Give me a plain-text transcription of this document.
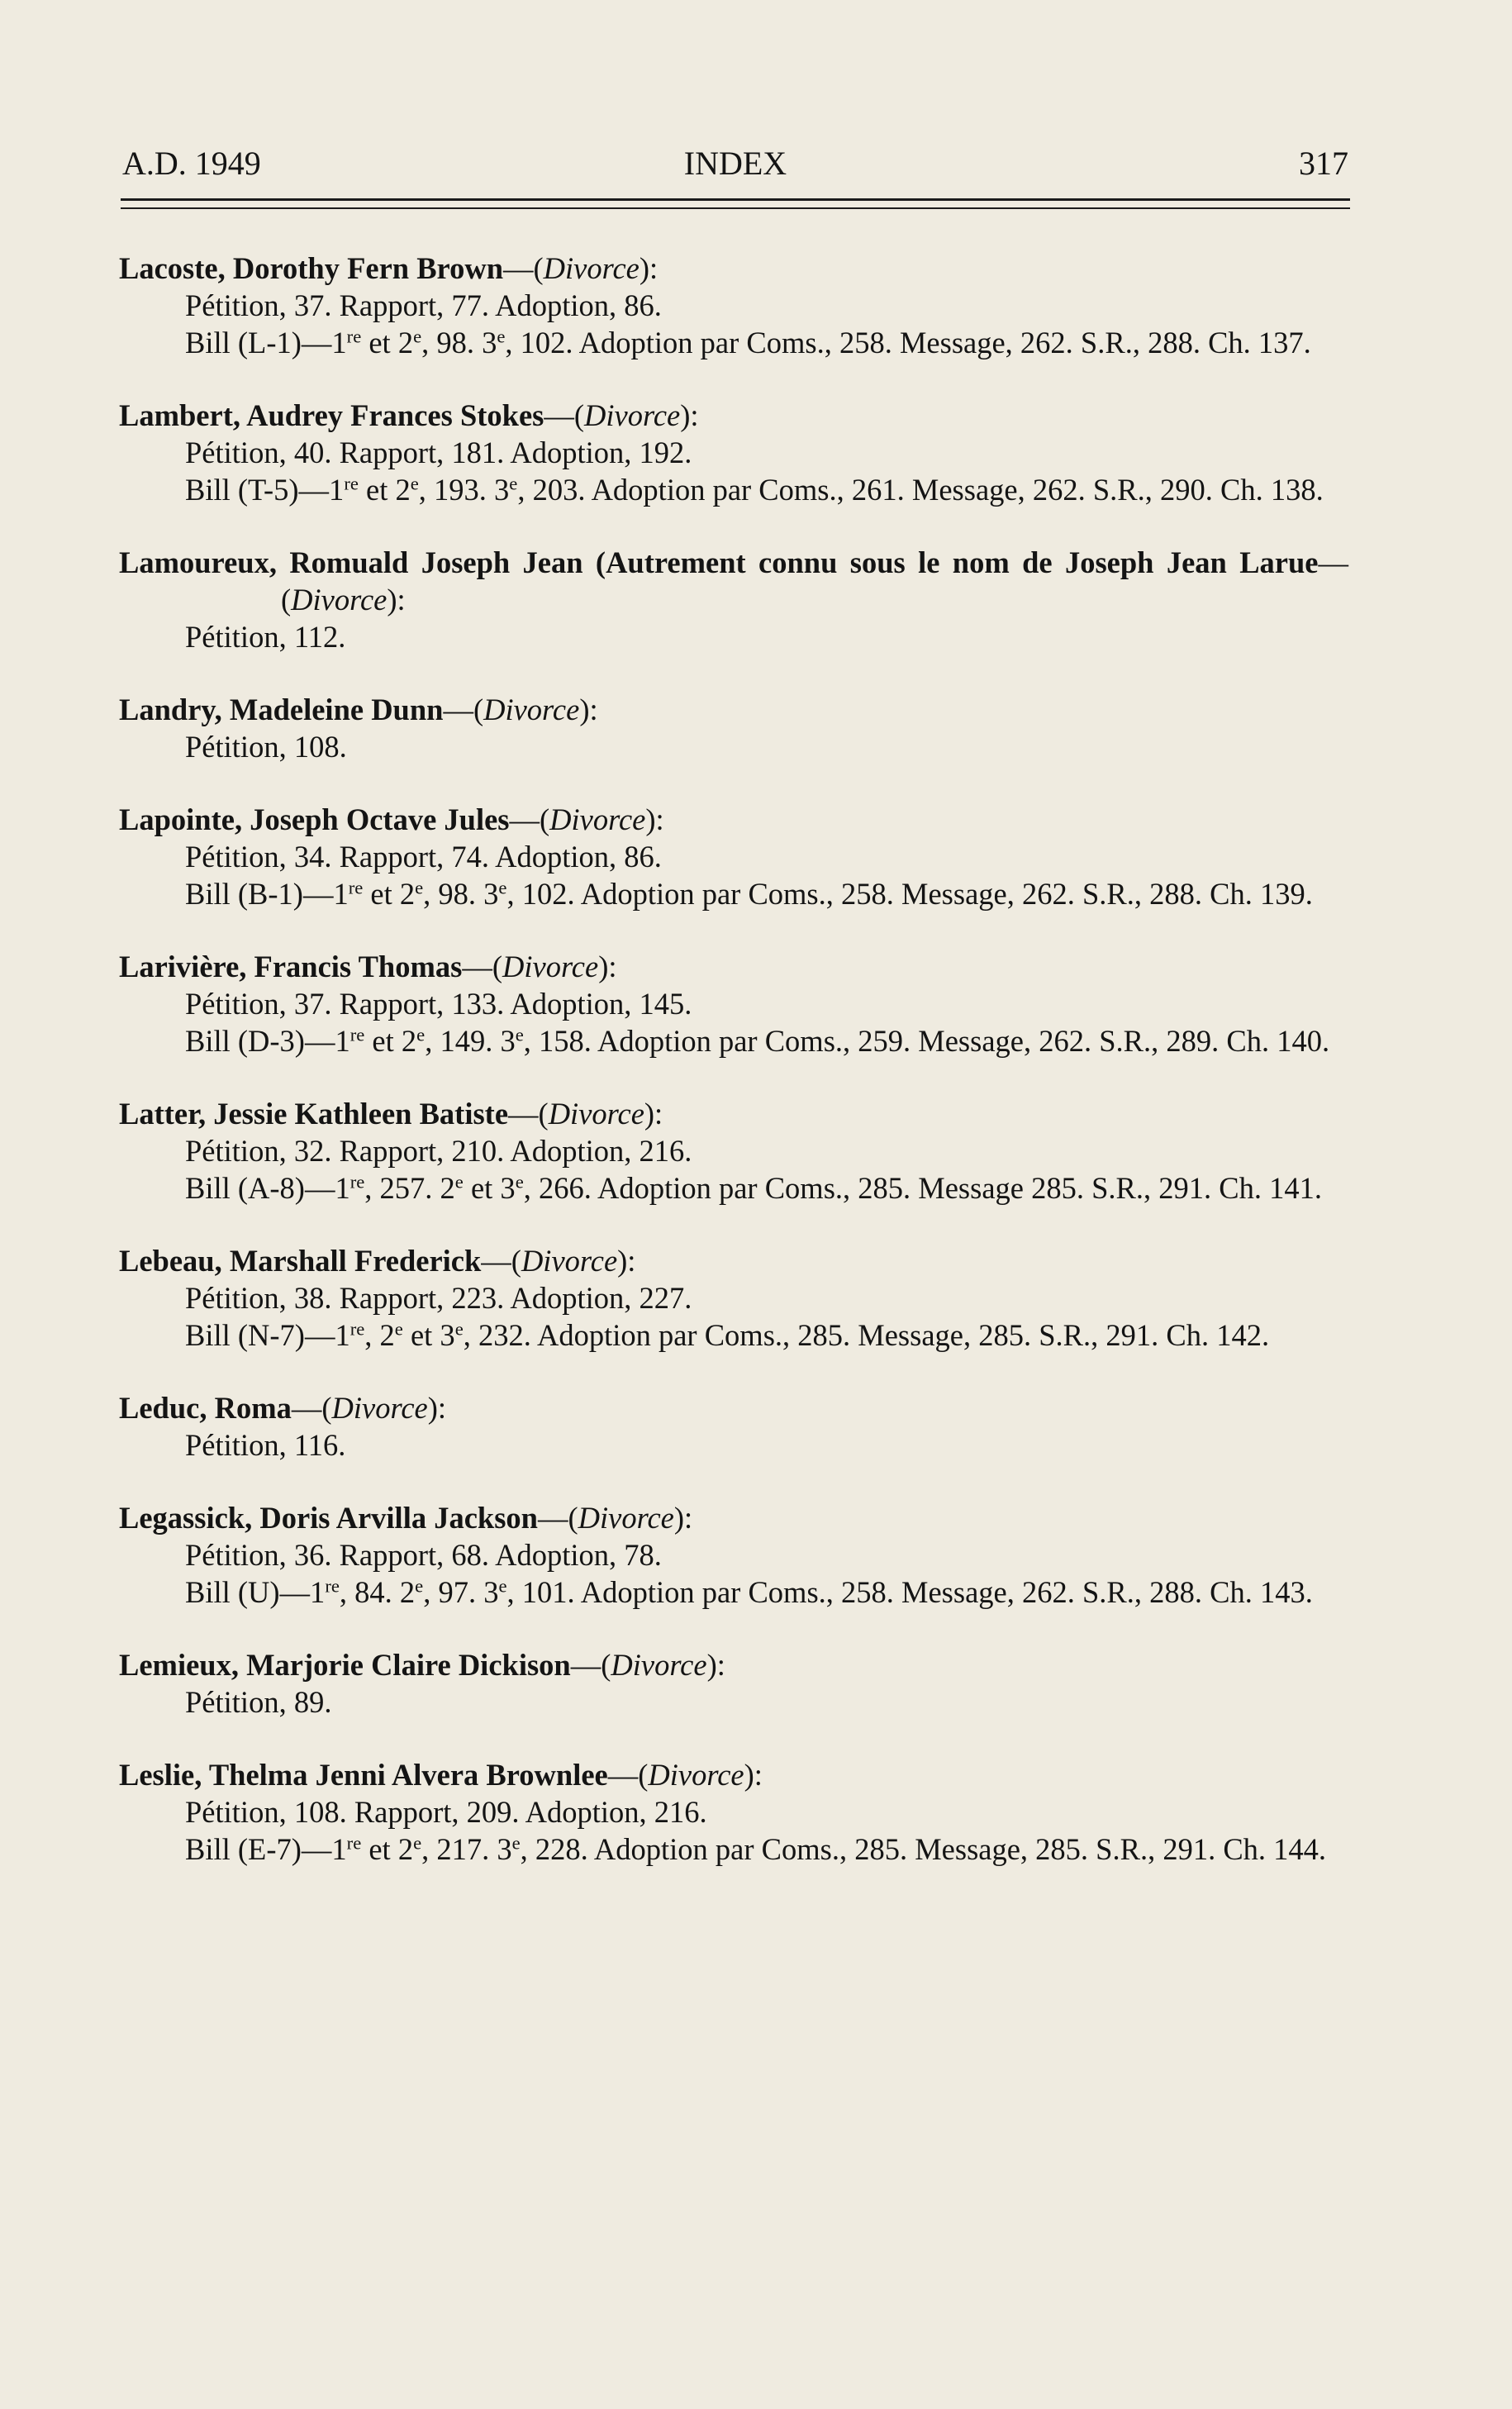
A.D. 1949	INDEX	317

Lacoste, Dorothy Fern Brown—(Divorce):

Pétition, 37. Rapport, 77. Adoption, 86.

Bill (L-1)—1re et 2e, 98. 3e, 102. Adoption par Coms., 258. Message, 262. S.R., 288. Ch. 137.

Lambert, Audrey Frances Stokes—(Divorce):

Pétition, 40. Rapport, 181. Adoption, 192.

Bill (T-5)—1re et 2e, 193. 3e, 203. Adoption par Coms., 261. Message, 262. S.R., 290. Ch. 138.

Lamoureux, Romuald Joseph Jean (Autrement connu sous le nom de Joseph Jean Larue—(Divorce):

Pétition, 112.

Landry, Madeleine Dunn—(Divorce):

Pétition, 108.

Lapointe, Joseph Octave Jules—(Divorce):

Pétition, 34. Rapport, 74. Adoption, 86.

Bill (B-1)—1re et 2e, 98. 3e, 102. Adoption par Coms., 258. Message, 262. S.R., 288. Ch. 139.

Larivière, Francis Thomas—(Divorce):

Pétition, 37. Rapport, 133. Adoption, 145.

Bill (D-3)—1re et 2e, 149. 3e, 158. Adoption par Coms., 259. Message, 262. S.R., 289. Ch. 140.

Latter, Jessie Kathleen Batiste—(Divorce):

Pétition, 32. Rapport, 210. Adoption, 216.

Bill (A-8)—1re, 257. 2e et 3e, 266. Adoption par Coms., 285. Message 285. S.R., 291. Ch. 141.

Lebeau, Marshall Frederick—(Divorce):

Pétition, 38. Rapport, 223. Adoption, 227.

Bill (N-7)—1re, 2e et 3e, 232. Adoption par Coms., 285. Message, 285. S.R., 291. Ch. 142.

Leduc, Roma—(Divorce):

Pétition, 116.

Legassick, Doris Arvilla Jackson—(Divorce):

Pétition, 36. Rapport, 68. Adoption, 78.

Bill (U)—1re, 84. 2e, 97. 3e, 101. Adoption par Coms., 258. Message, 262. S.R., 288. Ch. 143.

Lemieux, Marjorie Claire Dickison—(Divorce):

Pétition, 89.

Leslie, Thelma Jenni Alvera Brownlee—(Divorce):

Pétition, 108. Rapport, 209. Adoption, 216.

Bill (E-7)—1re et 2e, 217. 3e, 228. Adoption par Coms., 285. Message, 285. S.R., 291. Ch. 144.
